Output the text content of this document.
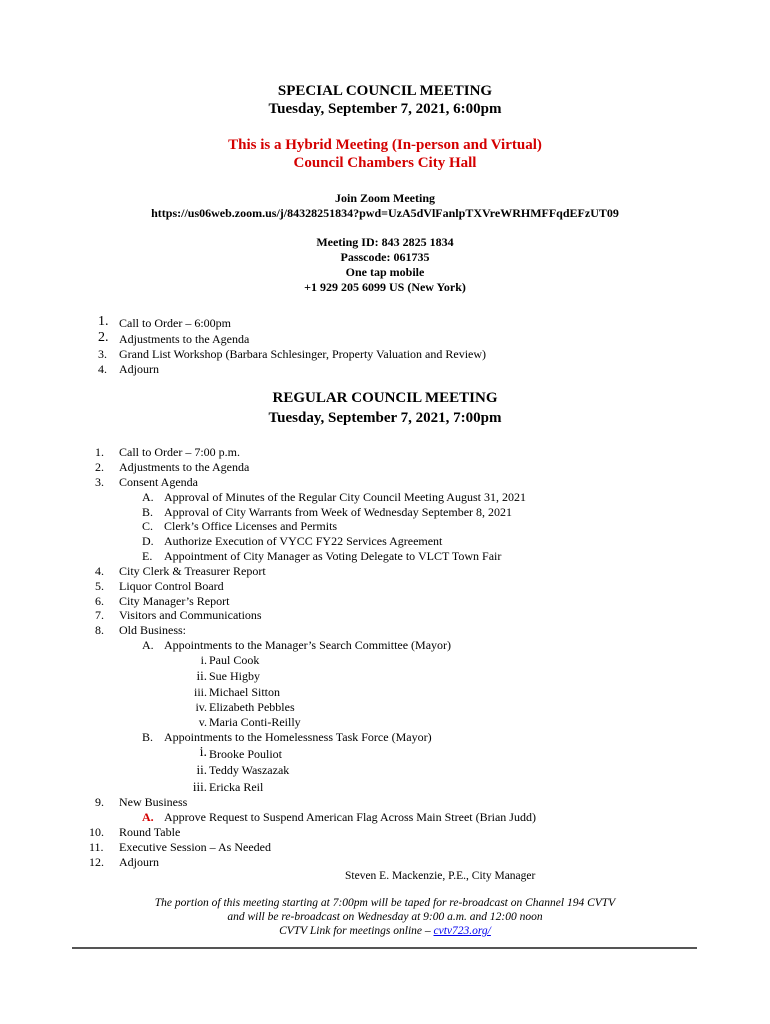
SPECIAL COUNCIL MEETING
Tuesday, September 7, 2021, 6:00pm
This is a Hybrid Meeting (In-person and Virtual)
Council Chambers City Hall
Join Zoom Meeting
https://us06web.zoom.us/j/84328251834?pwd=UzA5dVlFanlpTXVreWRHMFFqdEFzUT09
Meeting ID: 843 2825 1834
Passcode: 061735
One tap mobile
+1 929 205 6099 US (New York)
1. Call to Order – 6:00pm
2. Adjustments to the Agenda
3. Grand List Workshop (Barbara Schlesinger, Property Valuation and Review)
4. Adjourn
REGULAR COUNCIL MEETING
Tuesday, September 7, 2021, 7:00pm
1. Call to Order – 7:00 p.m.
2. Adjustments to the Agenda
3. Consent Agenda
A. Approval of Minutes of the Regular City Council Meeting August 31, 2021
B. Approval of City Warrants from Week of Wednesday September 8, 2021
C. Clerk’s Office Licenses and Permits
D. Authorize Execution of VYCC FY22 Services Agreement
E. Appointment of City Manager as Voting Delegate to VLCT Town Fair
4. City Clerk & Treasurer Report
5. Liquor Control Board
6. City Manager’s Report
7. Visitors and Communications
8. Old Business:
A. Appointments to the Manager’s Search Committee (Mayor)
i. Paul Cook
ii. Sue Higby
iii. Michael Sitton
iv. Elizabeth Pebbles
v. Maria Conti-Reilly
B. Appointments to the Homelessness Task Force (Mayor)
i. Brooke Pouliot
ii. Teddy Waszazak
iii. Ericka Reil
9. New Business
A. Approve Request to Suspend American Flag Across Main Street (Brian Judd)
10. Round Table
11. Executive Session – As Needed
12. Adjourn
Steven E. Mackenzie, P.E., City Manager
The portion of this meeting starting at 7:00pm will be taped for re-broadcast on Channel 194 CVTV
and will be re-broadcast on Wednesday at 9:00 a.m. and 12:00 noon
CVTV Link for meetings online – cvtv723.org/
